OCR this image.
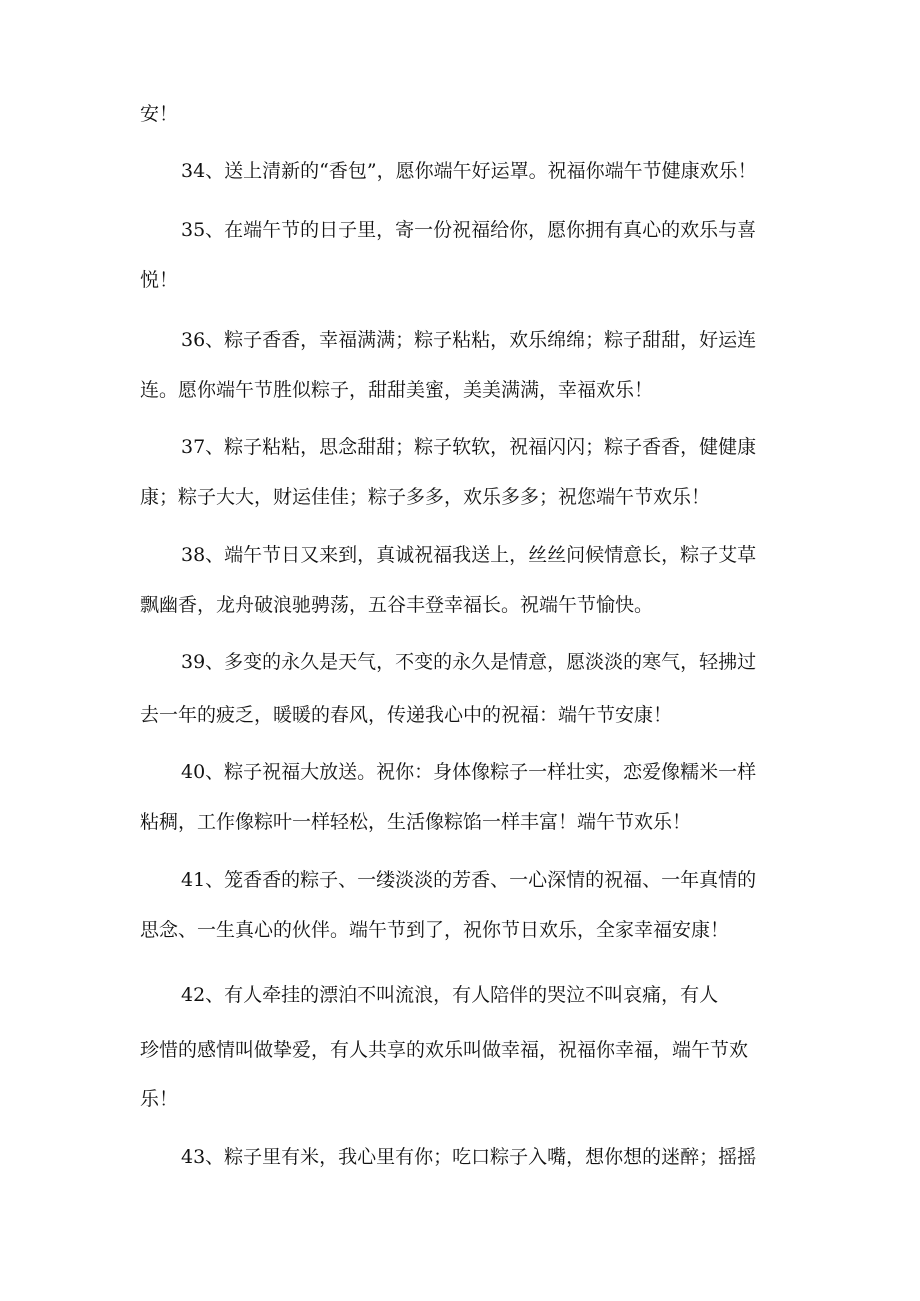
安！
34、送上清新的“香包”，愿你端午好运罩。祝福你端午节健康欢乐！
35、在端午节的日子里，寄一份祝福给你，愿你拥有真心的欢乐与喜
悦！
36、粽子香香，幸福满满；粽子粘粘，欢乐绵绵；粽子甜甜，好运连
连。愿你端午节胜似粽子，甜甜美蜜，美美满满，幸福欢乐！
37、粽子粘粘，思念甜甜；粽子软软，祝福闪闪；粽子香香，健健康
康；粽子大大，财运佳佳；粽子多多，欢乐多多；祝您端午节欢乐！
38、端午节日又来到，真诚祝福我送上，丝丝问候情意长，粽子艾草
飘幽香，龙舟破浪驰骋荡，五谷丰登幸福长。祝端午节愉快。
39、多变的永久是天气，不变的永久是情意，愿淡淡的寒气，轻拂过
去一年的疲乏，暖暖的春风，传递我心中的祝福：端午节安康！
40、粽子祝福大放送。祝你：身体像粽子一样壮实，恋爱像糯米一样
粘稠，工作像粽叶一样轻松，生活像粽馅一样丰富！端午节欢乐！
41、笼香香的粽子、一缕淡淡的芳香、一心深情的祝福、一年真情的
思念、一生真心的伙伴。端午节到了，祝你节日欢乐，全家幸福安康！
42、有人牵挂的漂泊不叫流浪，有人陪伴的哭泣不叫哀痛，有人
珍惜的感情叫做挚爱，有人共享的欢乐叫做幸福，祝福你幸福，端午节欢
乐！
43、粽子里有米，我心里有你；吃口粽子入嘴，想你想的迷醉；摇摇
